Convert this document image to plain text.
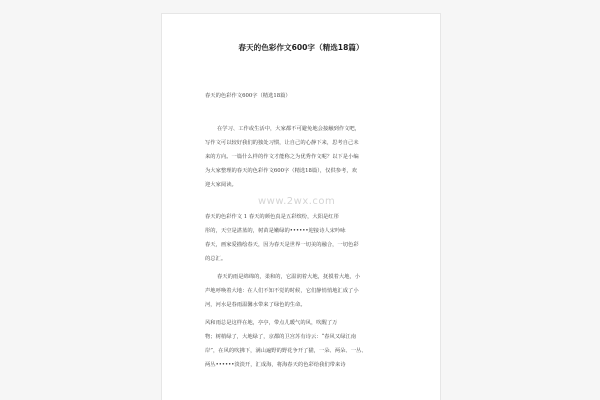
春天的色彩作文600字（精选18篇）
春天的色彩作文600字（精选18篇）
在学习、工作或生活中，大家都不可避免地会接触到作文吧，
写作文可以较好我们的独处习惯，让自己的心静下来，思考自己未
来的方向。一篇什么样的作文才能称之为优秀作文呢？以下是小编
为大家整理的春天的色彩作文600字（精选18篇），仅供参考，欢
迎大家阅读。
www.2wx.com
春天的色彩作文 1 春天的颜色真是五彩缤纷，大阳是红彤
彤的，天空是湛蓝的，树苗是嫩绿的••••••迎接诗人宋吟咏
春天，画家爱描绘春天，因为春天是世界一切美的融合，一切色彩
的总汇。
春天的雨是绵绵的，柔和的，它温润着大地，抚摸着大地，小
声地呼唤着大地：在人们不知不觉的时候，它们静悄悄地汇成了小
河，河水是春雨温馨水带来了绿色的生命。
风和雨总是这样在地，亭亭，带点儿暖气的风，吹醒了万
物；树梢绿了，大地绿了，京都的卫宫苏有诗云：“春风又绿江南
岸”，在风的吹拂下，满山遍野的野花争开了猫，一朵、两朵、一丛、
两丛••••••淡淡开，汇成海，将海春天的色彩给我们带来诗
